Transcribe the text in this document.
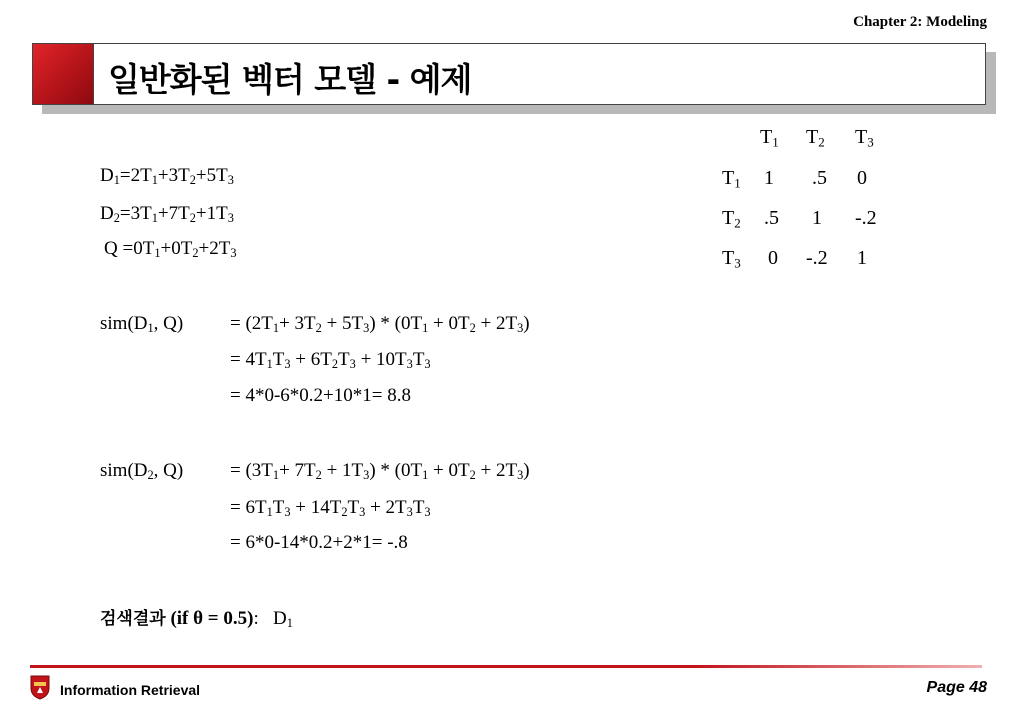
Chapter 2: Modeling
일반화된 벡터 모델 - 예제
$D_1=2T_1+3T_2+5T_3$
$D_2=3T_1+7T_2+1T_3$
$Q =0T_1+0T_2+2T_3$
$T_1$ $T_2$ $T_3$
$T_1$ 1 .5 0
$T_2$ .5 1 -.2
$T_3$ 0 -.2 1
$sim(D_1$, $Q) = (2T_1+ 3T_2 + 5T_3) * (0T_1 + 0T_2 + 2T_3)$
= $4T_1T_3 + 6T_2T_3 + 10T_3T_3$
= 4*0-6*0.2+10*1= 8.8
$sim(D_2$, $Q) = (3T_1+ 7T_2 + 1T_3) * (0T_1 + 0T_2 + 2T_3)$
= $6T_1T_3 + 14T_2T_3 + 2T_3T_3$
= 6*0-14*0.2+2*1= -.8
검색결과 (if θ = 0.5): $D_1$
Information Retrieval	Page 48
